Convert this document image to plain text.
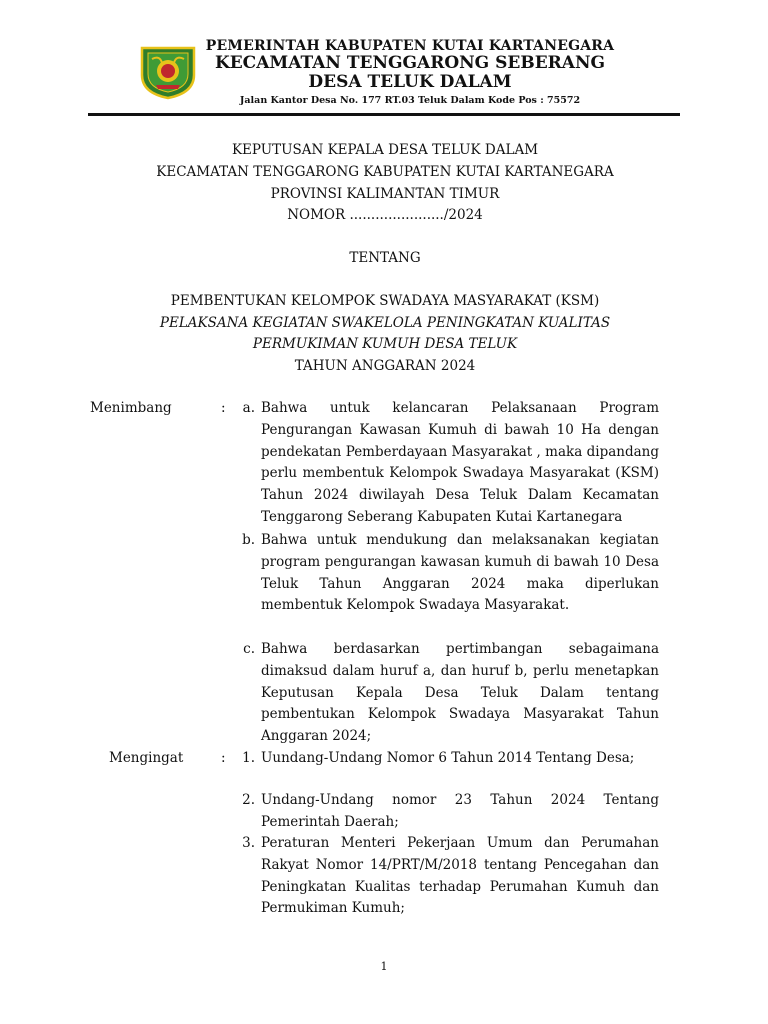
PEMERINTAH KABUPATEN KUTAI KARTANEGARA
KECAMATAN TENGGARONG SEBERANG
DESA TELUK DALAM
Jalan Kantor Desa No. 177 RT.03 Teluk Dalam Kode Pos : 75572
KEPUTUSAN KEPALA DESA TELUK DALAM
KECAMATAN TENGGARONG KABUPATEN KUTAI KARTANEGARA
PROVINSI KALIMANTAN TIMUR
NOMOR ....................../2024
TENTANG
PEMBENTUKAN KELOMPOK SWADAYA MASYARAKAT (KSM)
PELAKSANA KEGIATAN SWAKELOLA PENINGKATAN KUALITAS
PERMUKIMAN KUMUH DESA TELUK
TAHUN ANGGARAN 2024
Menimbang	:	a. Bahwa untuk kelancaran Pelaksanaan Program Pengurangan Kawasan Kumuh di bawah 10 Ha dengan pendekatan Pemberdayaan Masyarakat , maka dipandang perlu membentuk Kelompok Swadaya Masyarakat (KSM) Tahun 2024 diwilayah Desa Teluk Dalam Kecamatan Tenggarong Seberang Kabupaten Kutai Kartanegara
b. Bahwa untuk mendukung dan melaksanakan kegiatan program pengurangan kawasan kumuh di bawah 10 Desa Teluk Tahun Anggaran 2024 maka diperlukan membentuk Kelompok Swadaya Masyarakat.
c. Bahwa berdasarkan pertimbangan sebagaimana dimaksud dalam huruf a, dan huruf b, perlu menetapkan Keputusan Kepala Desa Teluk Dalam tentang pembentukan Kelompok Swadaya Masyarakat Tahun Anggaran 2024;
Mengingat	:	1. Uundang-Undang Nomor 6 Tahun 2014 Tentang Desa;
2. Undang-Undang nomor 23 Tahun 2024 Tentang Pemerintah Daerah;
3. Peraturan Menteri Pekerjaan Umum dan Perumahan Rakyat Nomor 14/PRT/M/2018 tentang Pencegahan dan Peningkatan Kualitas terhadap Perumahan Kumuh dan Permukiman Kumuh;
1
